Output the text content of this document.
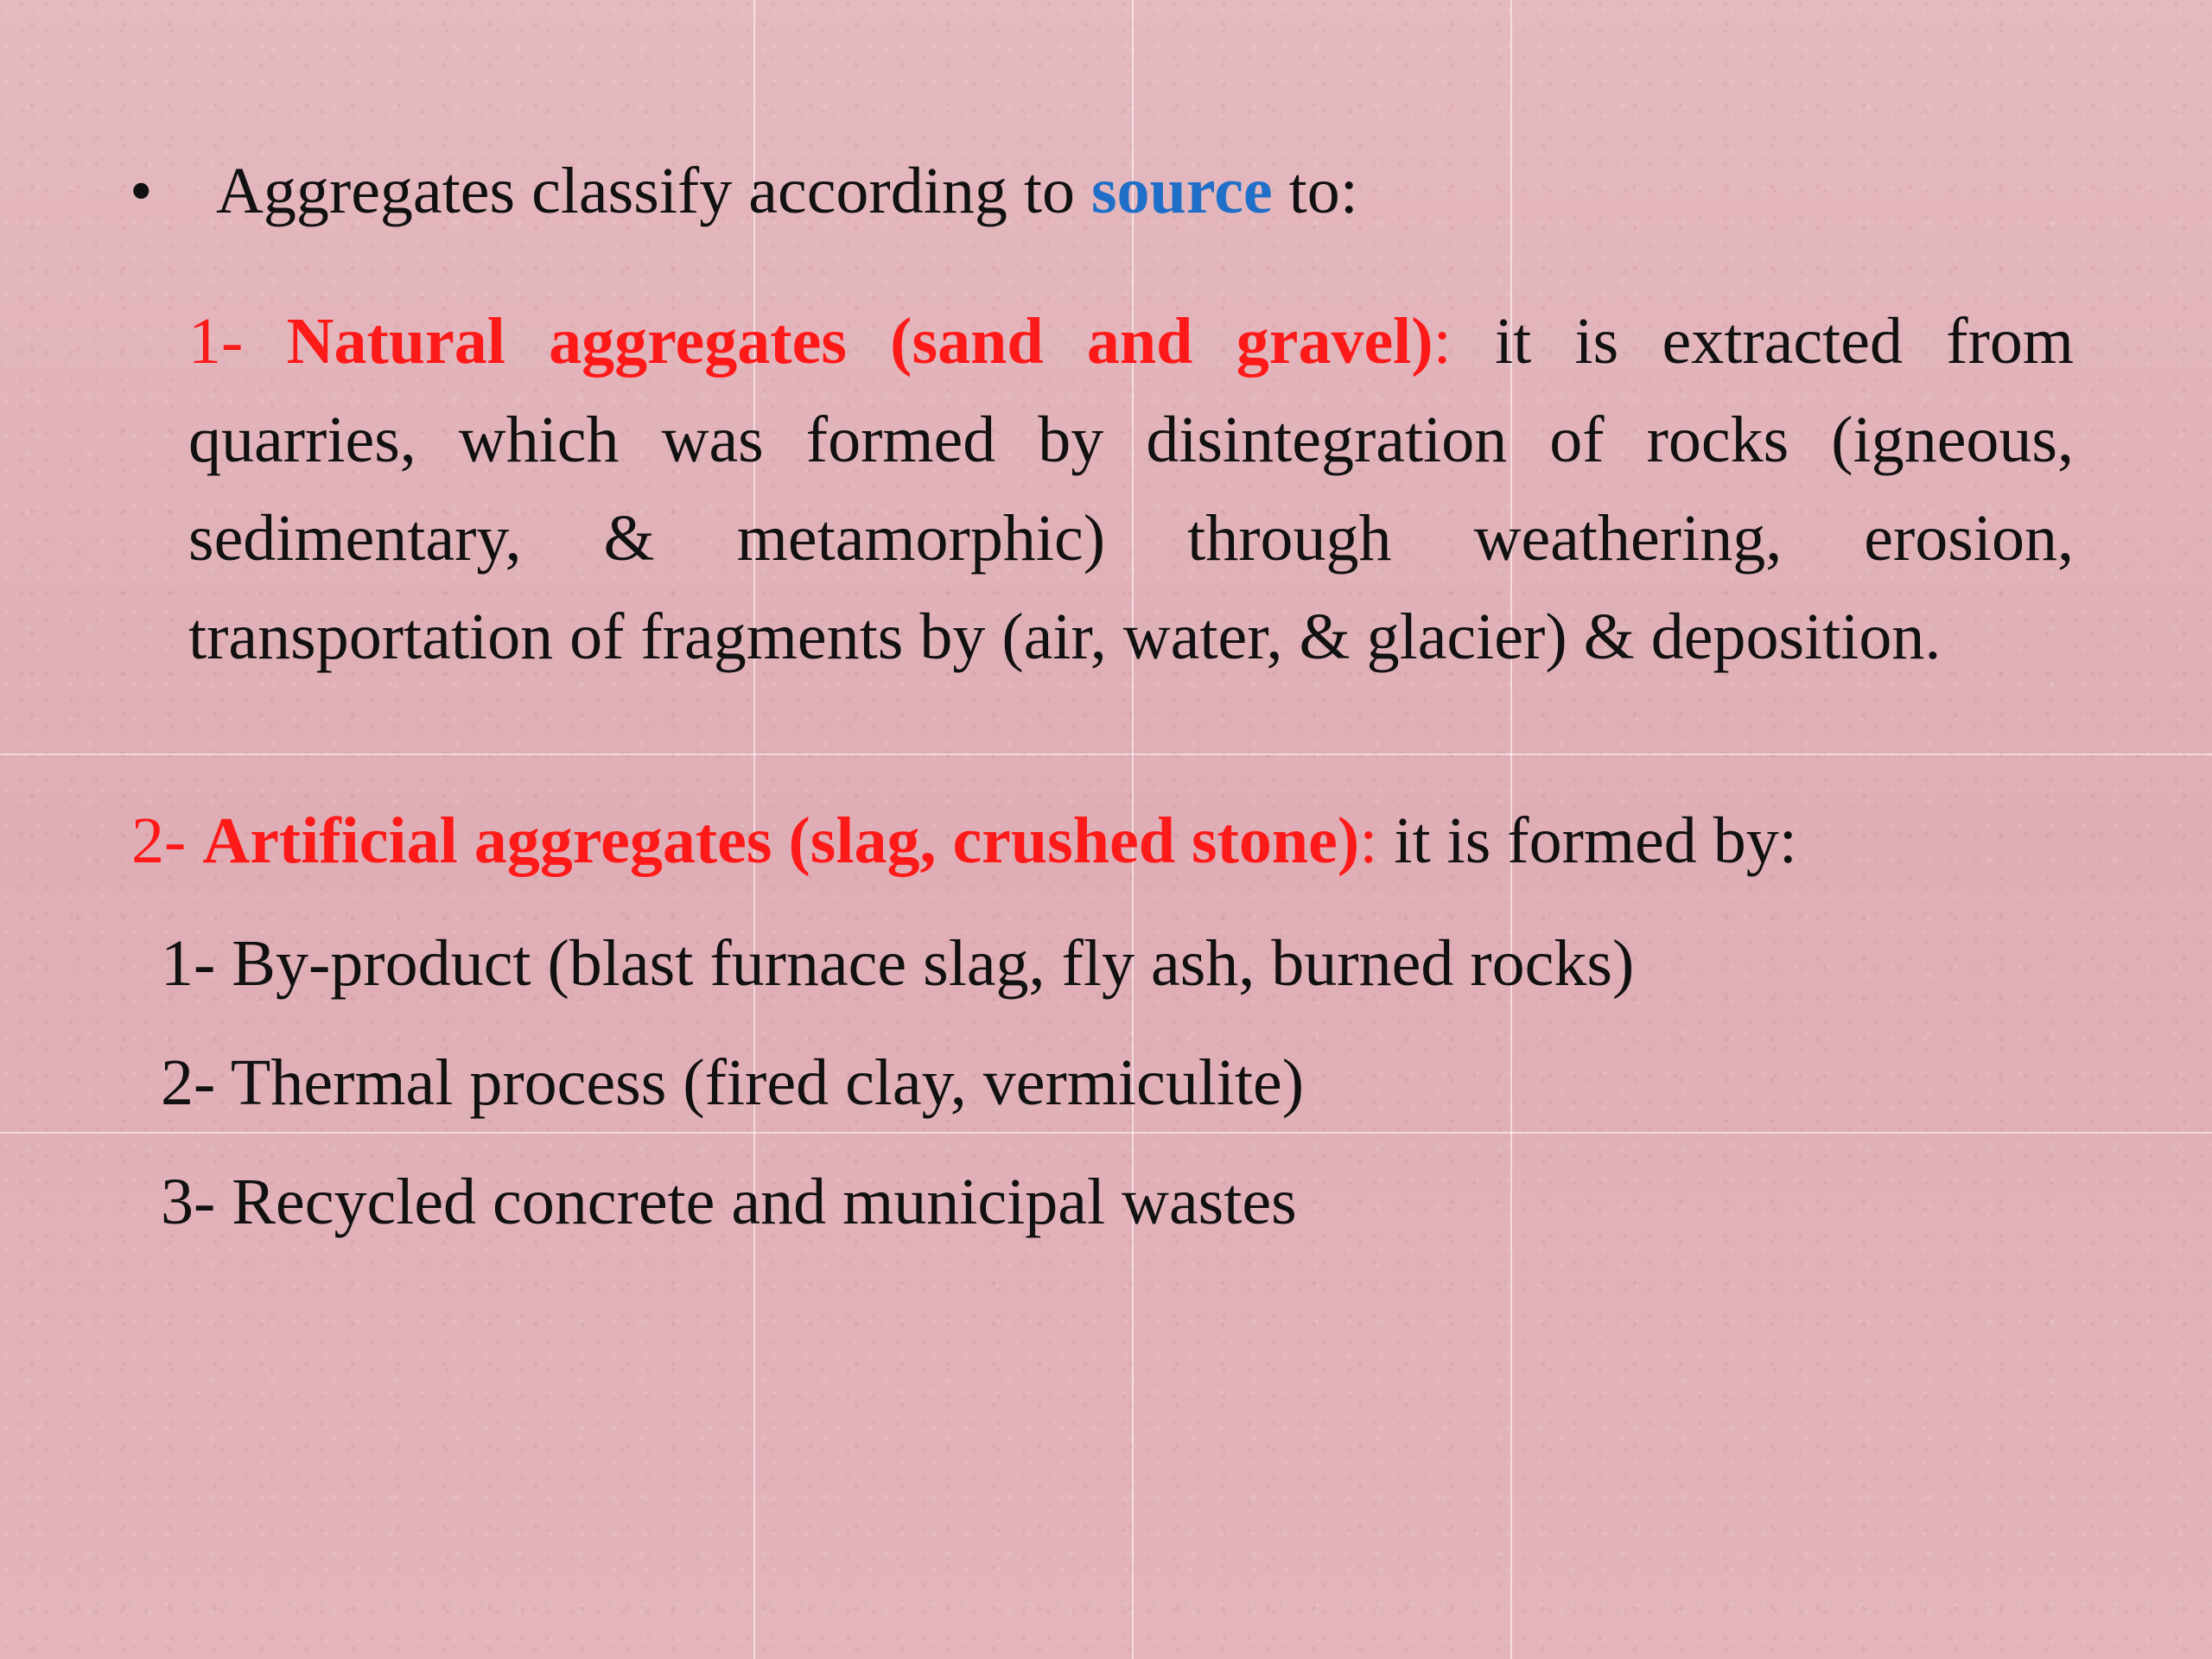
• Aggregates classify according to source to:
1- Natural aggregates (sand and gravel): it is extracted from quarries, which was formed by disintegration of rocks (igneous, sedimentary, & metamorphic) through weathering, erosion, transportation of fragments by (air, water, & glacier) & deposition.
2- Artificial aggregates (slag, crushed stone): it is formed by:
1- By-product (blast furnace slag, fly ash, burned rocks)
2- Thermal process (fired clay, vermiculite)
3- Recycled concrete and municipal wastes
